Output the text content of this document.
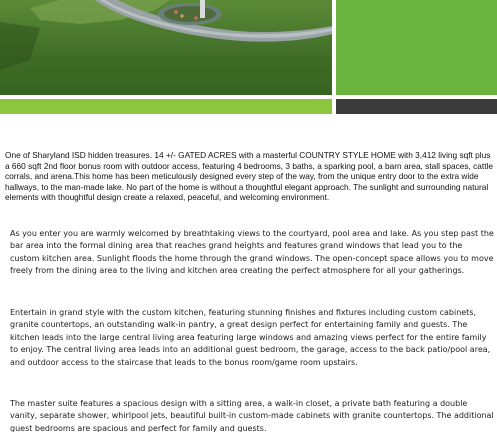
One of Sharyland ISD hidden treasures. 14 +/- GATED ACRES with a masterful COUNTRY STYLE HOME with 3,412 living sqft plus a 660 sqft 2nd floor bonus room with outdoor access, featuring 4 bedrooms, 3 baths, a sparking pool, a barn area, stall spaces, cattle corrals, and arena.This home has been meticulously designed every step of the way, from the unique entry door to the extra wide hallways, to the man-made lake. No part of the home is without a thoughtful elegant approach. The sunlight and surrounding natural elements with thoughtful design create a relaxed, peaceful, and welcoming environment.

As you enter you are warmly welcomed by breathtaking views to the courtyard, pool area and lake. As you step past the bar area into the formal dining area that reaches grand heights and features grand windows that lead you to the custom kitchen area. Sunlight floods the home through the grand windows. The open-concept space allows you to move freely from the dining area to the living and kitchen area creating the perfect atmosphere for all your gatherings.

Entertain in grand style with the custom kitchen, featuring stunning finishes and fixtures including custom cabinets, granite countertops, an outstanding walk-in pantry, a great design perfect for entertaining family and guests. The kitchen leads into the large central living area featuring large windows and amazing views perfect for the entire family to enjoy. The central living area leads into an additional guest bedroom, the garage, access to the back patio/pool area, and outdoor access to the staircase that leads to the bonus room/game room upstairs.

The master suite features a spacious design with a sitting area, a walk-in closet, a private bath featuring a double vanity, separate shower, whirlpool jets, beautiful built-in custom-made cabinets with granite countertops. The additional guest bedrooms are spacious and perfect for family and guests.
